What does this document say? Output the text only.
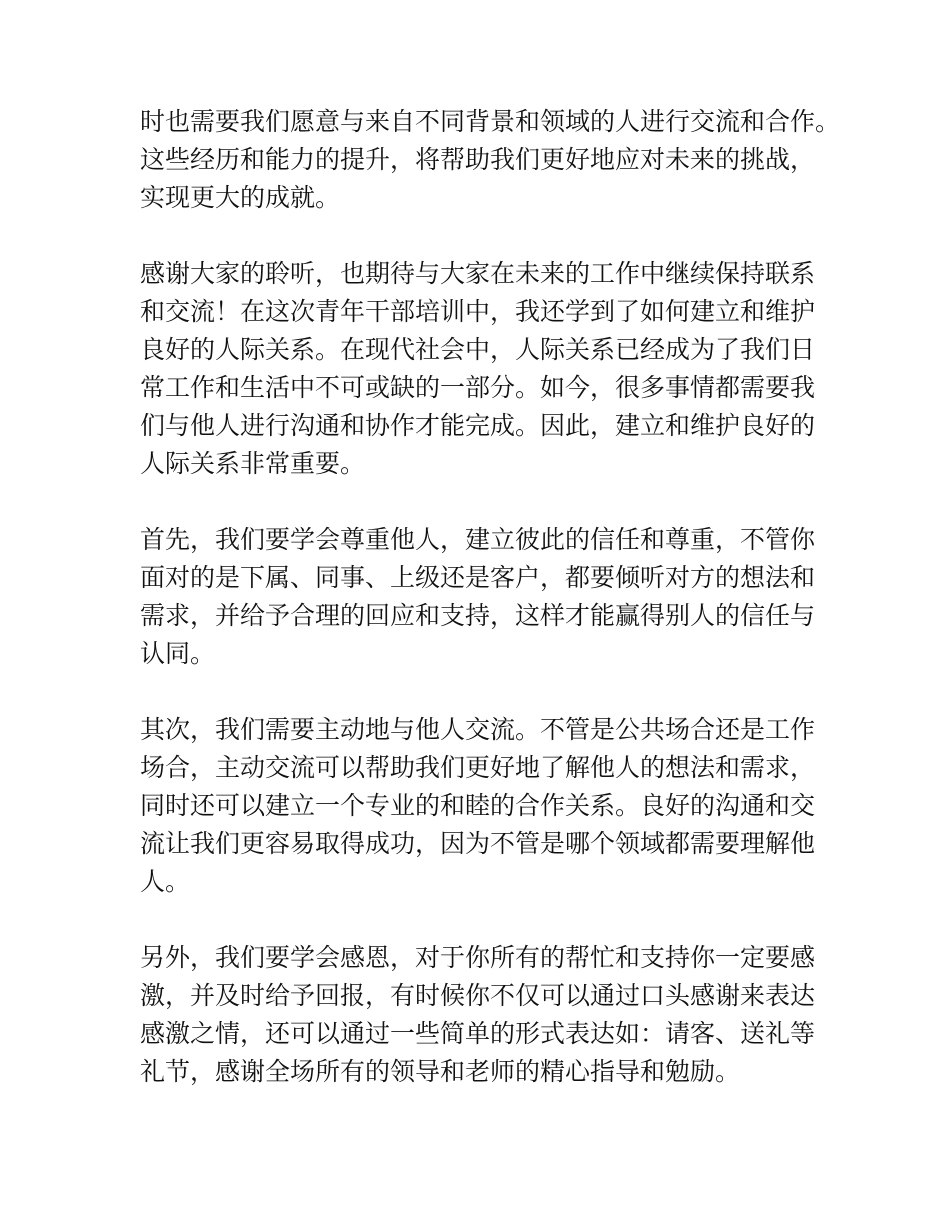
时也需要我们愿意与来自不同背景和领域的人进行交流和合作。
这些经历和能力的提升，将帮助我们更好地应对未来的挑战，
实现更大的成就。

感谢大家的聆听，也期待与大家在未来的工作中继续保持联系
和交流！在这次青年干部培训中，我还学到了如何建立和维护
良好的人际关系。在现代社会中，人际关系已经成为了我们日
常工作和生活中不可或缺的一部分。如今，很多事情都需要我
们与他人进行沟通和协作才能完成。因此，建立和维护良好的
人际关系非常重要。

首先，我们要学会尊重他人，建立彼此的信任和尊重，不管你
面对的是下属、同事、上级还是客户，都要倾听对方的想法和
需求，并给予合理的回应和支持，这样才能赢得别人的信任与
认同。

其次，我们需要主动地与他人交流。不管是公共场合还是工作
场合，主动交流可以帮助我们更好地了解他人的想法和需求，
同时还可以建立一个专业的和睦的合作关系。良好的沟通和交
流让我们更容易取得成功，因为不管是哪个领域都需要理解他
人。

另外，我们要学会感恩，对于你所有的帮忙和支持你一定要感
激，并及时给予回报，有时候你不仅可以通过口头感谢来表达
感激之情，还可以通过一些简单的形式表达如：请客、送礼等
礼节，感谢全场所有的领导和老师的精心指导和勉励。
